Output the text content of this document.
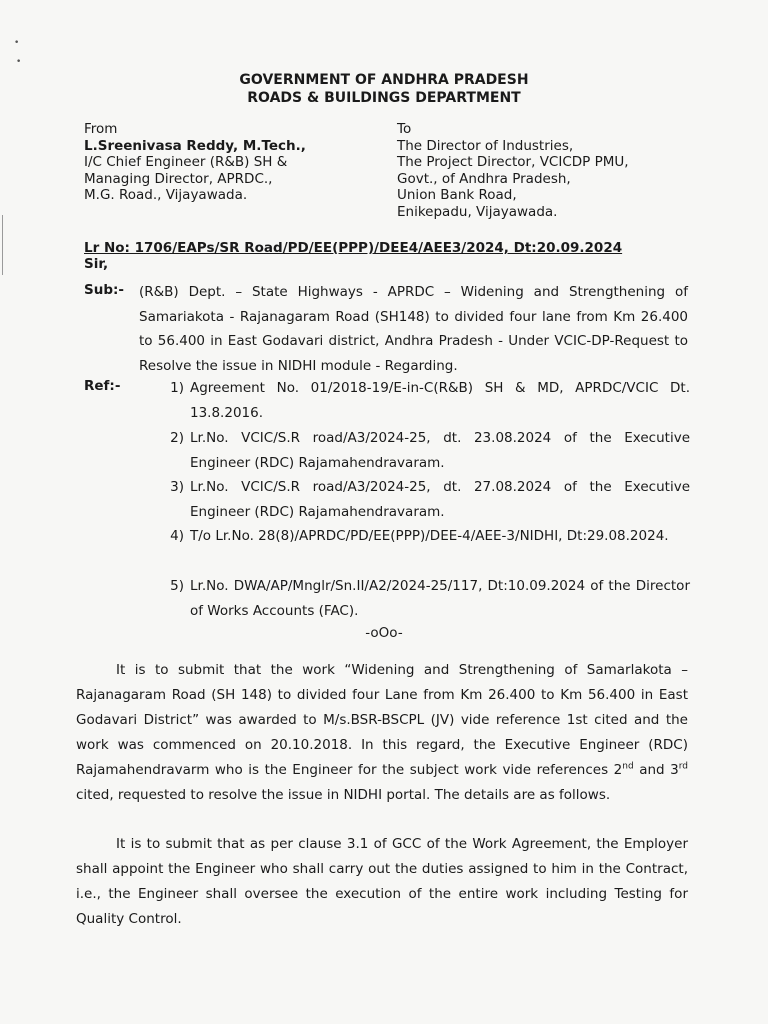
•
•
GOVERNMENT OF ANDHRA PRADESH
ROADS & BUILDINGS DEPARTMENT
From
L.Sreenivasa Reddy, M.Tech.,
I/C Chief Engineer (R&B) SH &
Managing Director, APRDC.,
M.G. Road., Vijayawada.
To
The Director of Industries,
The Project Director, VCICDP PMU,
Govt., of Andhra Pradesh,
Union Bank Road,
Enikepadu, Vijayawada.
Lr No: 1706/EAPs/SR Road/PD/EE(PPP)/DEE4/AEE3/2024, Dt:20.09.2024
Sir,
Sub:- (R&B) Dept. – State Highways - APRDC – Widening and Strengthening of Samariakota - Rajanagaram Road (SH148) to divided four lane from Km 26.400 to 56.400 in East Godavari district, Andhra Pradesh - Under VCIC-DP-Request to Resolve the issue in NIDHI module - Regarding.
Ref:-	1) Agreement No. 01/2018-19/E-in-C(R&B) SH & MD, APRDC/VCIC Dt. 13.8.2016.
2) Lr.No. VCIC/S.R road/A3/2024-25, dt. 23.08.2024 of the Executive Engineer (RDC) Rajamahendravaram.
3) Lr.No. VCIC/S.R road/A3/2024-25, dt. 27.08.2024 of the Executive Engineer (RDC) Rajamahendravaram.
4) T/o Lr.No. 28(8)/APRDC/PD/EE(PPP)/DEE-4/AEE-3/NIDHI, Dt:29.08.2024.
5) Lr.No. DWA/AP/Mnglr/Sn.II/A2/2024-25/117, Dt:10.09.2024 of the Director of Works Accounts (FAC).
-oOo-
It is to submit that the work “Widening and Strengthening of Samarlakota – Rajanagaram Road (SH 148) to divided four Lane from Km 26.400 to Km 56.400 in East Godavari District” was awarded to M/s.BSR-BSCPL (JV) vide reference 1st cited and the work was commenced on 20.10.2018. In this regard, the Executive Engineer (RDC) Rajamahendravarm who is the Engineer for the subject work vide references 2nd and 3rd cited, requested to resolve the issue in NIDHI portal. The details are as follows.
It is to submit that as per clause 3.1 of GCC of the Work Agreement, the Employer shall appoint the Engineer who shall carry out the duties assigned to him in the Contract, i.e., the Engineer shall oversee the execution of the entire work including Testing for Quality Control.
